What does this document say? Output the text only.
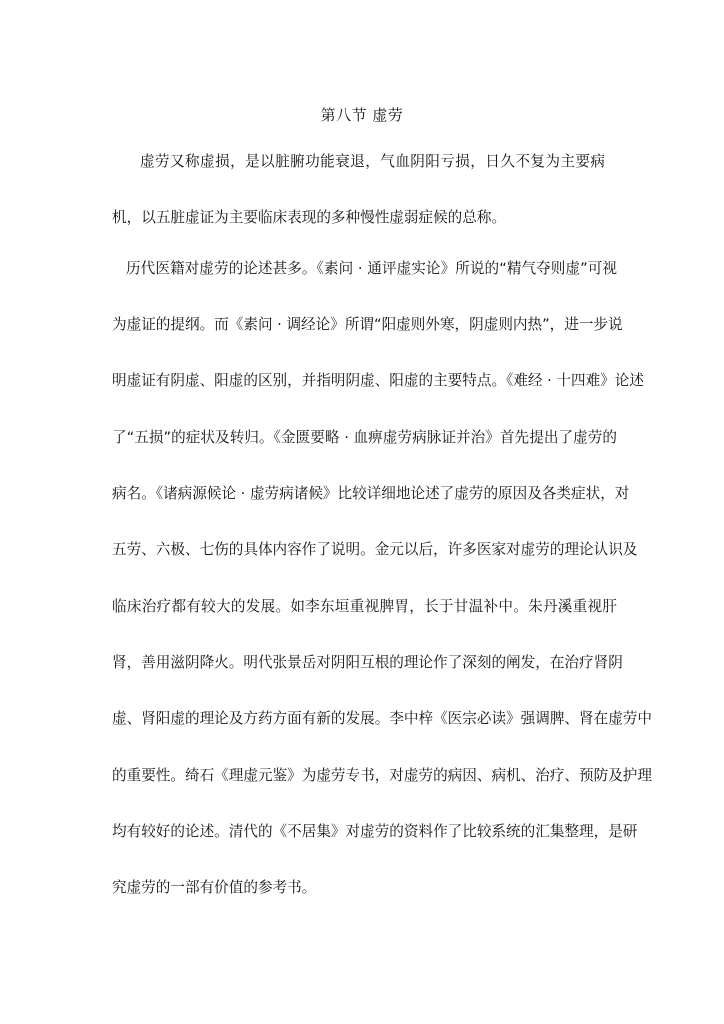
第八节 虚劳
虚劳又称虚损，是以脏腑功能衰退，气血阴阳亏损，日久不复为主要病
机，以五脏虚证为主要临床表现的多种慢性虚弱症候的总称。
历代医籍对虚劳的论述甚多。《素问 · 通评虚实论》所说的“精气夺则虚”可视
为虚证的提纲。而《素问 · 调经论》所谓“阳虚则外寒，阴虚则内热”，进一步说
明虚证有阴虚、阳虚的区别，并指明阴虚、阳虚的主要特点。《难经 · 十四难》论述
了“五损”的症状及转归。《金匮要略 · 血痹虚劳病脉证并治》首先提出了虚劳的
病名。《诸病源候论 · 虚劳病诸候》比较详细地论述了虚劳的原因及各类症状，对
五劳、六极、七伤的具体内容作了说明。金元以后，许多医家对虚劳的理论认识及
临床治疗都有较大的发展。如李东垣重视脾胃，长于甘温补中。朱丹溪重视肝
肾，善用滋阴降火。明代张景岳对阴阳互根的理论作了深刻的阐发，在治疗肾阴
虚、肾阳虚的理论及方药方面有新的发展。李中梓《医宗必读》强调脾、肾在虚劳中
的重要性。绮石《理虚元鉴》为虚劳专书，对虚劳的病因、病机、治疗、预防及护理
均有较好的论述。清代的《不居集》对虚劳的资料作了比较系统的汇集整理，是研
究虚劳的一部有价值的参考书。
